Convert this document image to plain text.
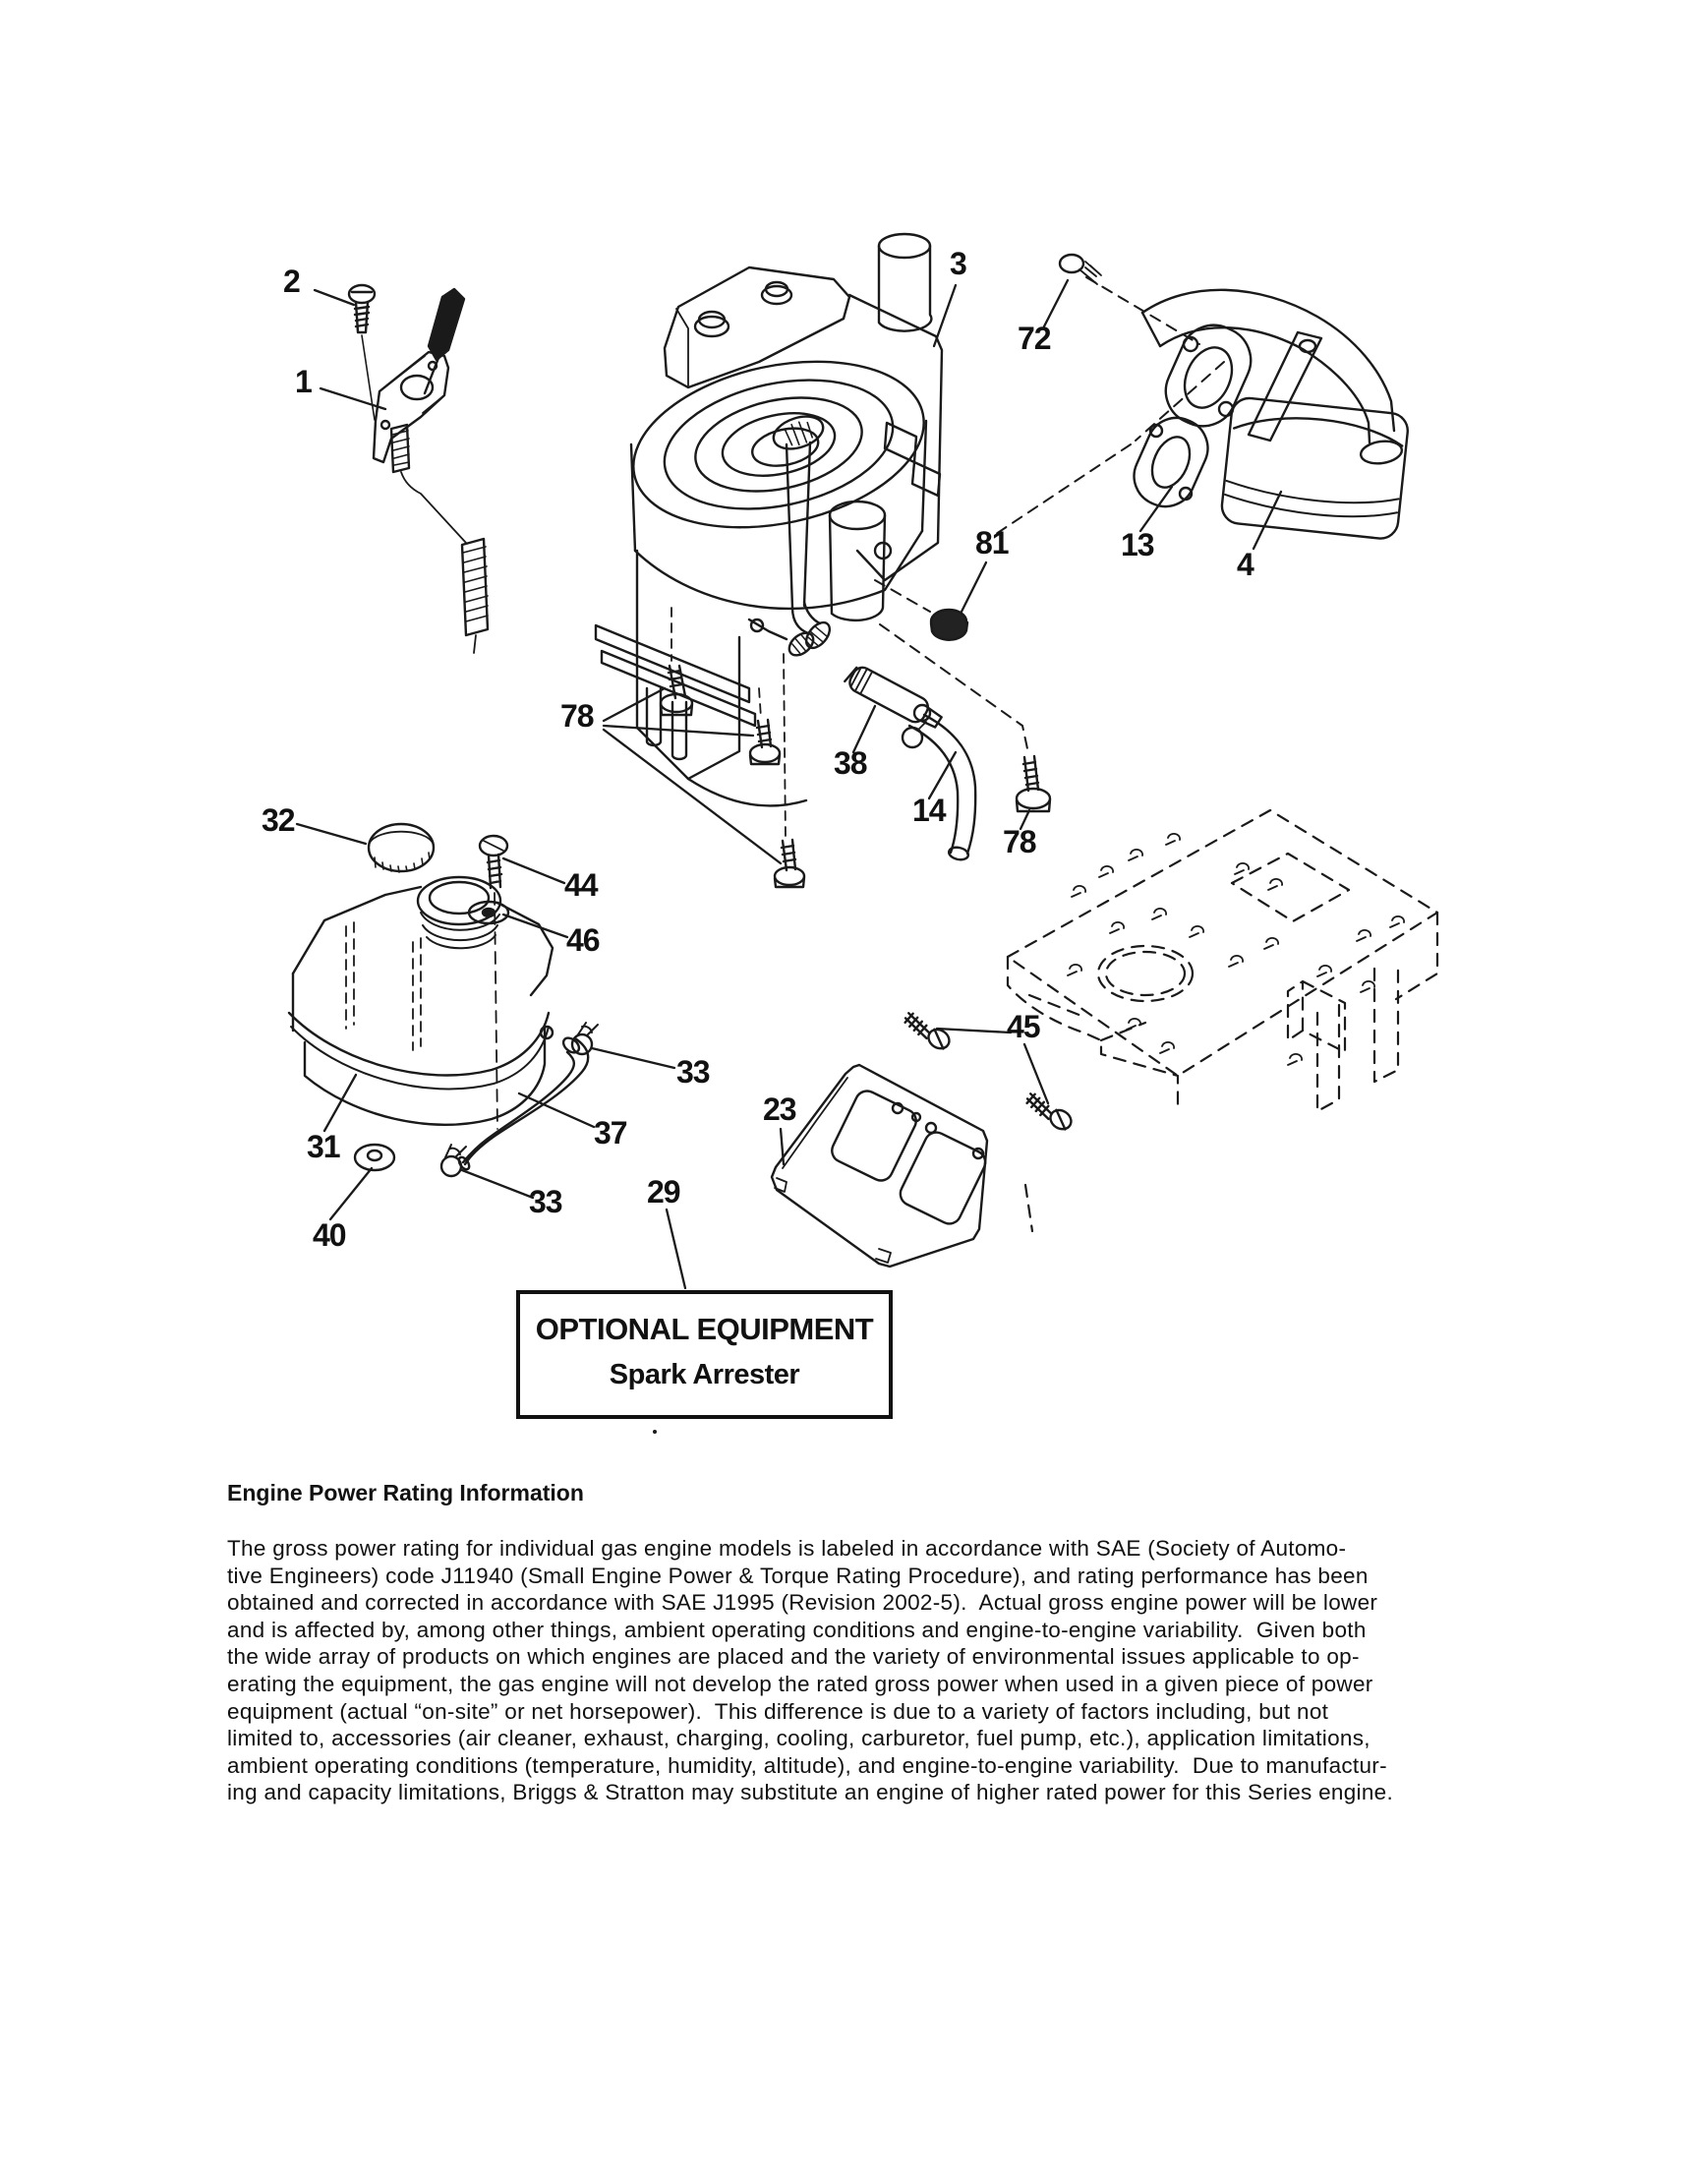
2
1
3
72
13
4
81
78
38
14
78
32
44
46
33
37
31
33
40
29
23
45
OPTIONAL EQUIPMENT
Spark Arrester
Engine Power Rating Information
The gross power rating for individual gas engine models is labeled in accordance with SAE (Society of Automo-
tive Engineers) code J11940 (Small Engine Power & Torque Rating Procedure), and rating performance has been
obtained and corrected in accordance with SAE J1995 (Revision 2002-5).  Actual gross engine power will be lower
and is affected by, among other things, ambient operating conditions and engine-to-engine variability.  Given both
the wide array of products on which engines are placed and the variety of environmental issues applicable to op-
erating the equipment, the gas engine will not develop the rated gross power when used in a given piece of power
equipment (actual “on-site” or net horsepower).  This difference is due to a variety of factors including, but not
limited to, accessories (air cleaner, exhaust, charging, cooling, carburetor, fuel pump, etc.), application limitations,
ambient operating conditions (temperature, humidity, altitude), and engine-to-engine variability.  Due to manufactur-
ing and capacity limitations, Briggs & Stratton may substitute an engine of higher rated power for this Series engine.
